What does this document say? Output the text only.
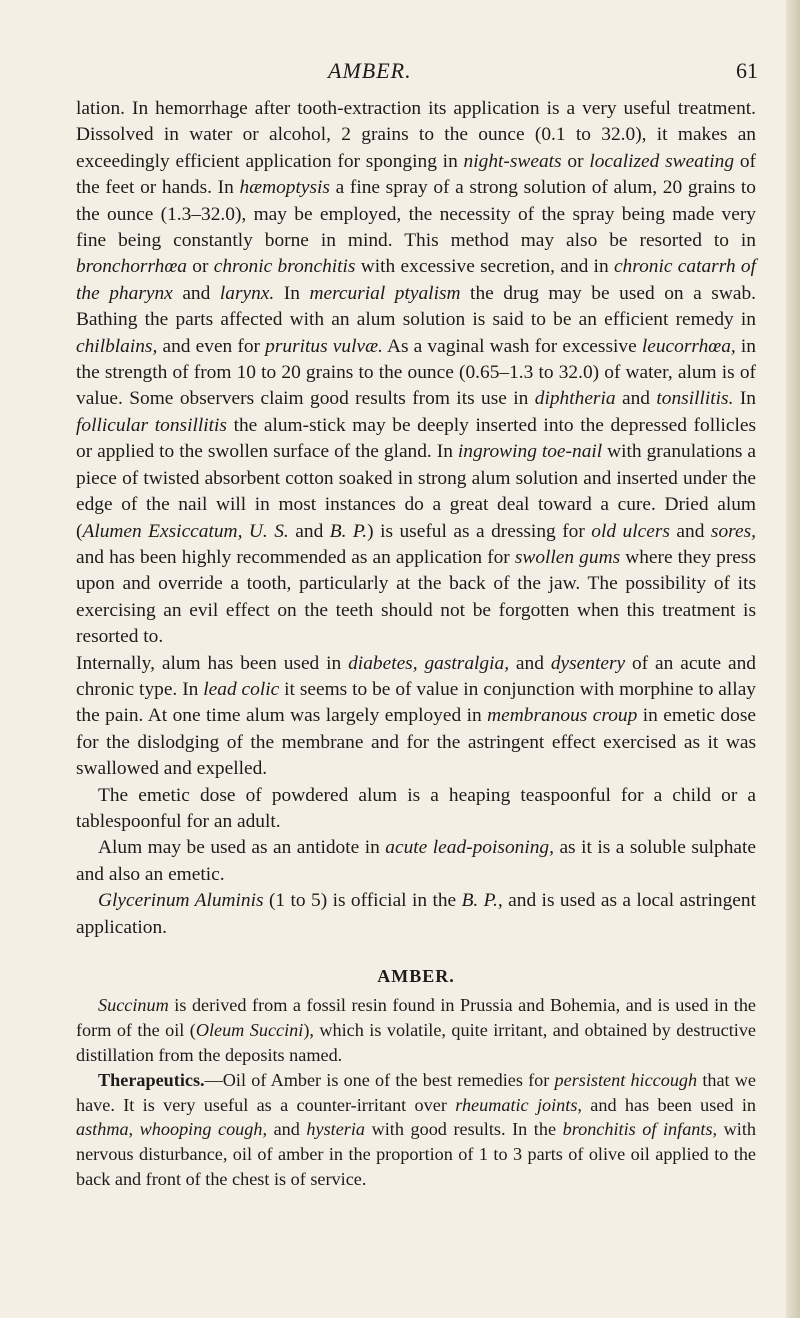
AMBER.	61

lation. In hemorrhage after tooth-extraction its application is a very useful treatment. Dissolved in water or alcohol, 2 grains to the ounce (0.1 to 32.0), it makes an exceedingly efficient application for sponging in night-sweats or localized sweating of the feet or hands. In hæmoptysis a fine spray of a strong solution of alum, 20 grains to the ounce (1.3–32.0), may be employed, the necessity of the spray being made very fine being constantly borne in mind. This method may also be resorted to in bronchorrhœa or chronic bronchitis with excessive secretion, and in chronic catarrh of the pharynx and larynx. In mercurial ptyalism the drug may be used on a swab. Bathing the parts affected with an alum solution is said to be an efficient remedy in chilblains, and even for pruritus vulvæ. As a vaginal wash for excessive leucorrhœa, in the strength of from 10 to 20 grains to the ounce (0.65–1.3 to 32.0) of water, alum is of value. Some observers claim good results from its use in diphtheria and tonsillitis. In follicular tonsillitis the alum-stick may be deeply inserted into the depressed follicles or applied to the swollen surface of the gland. In ingrowing toe-nail with granulations a piece of twisted absorbent cotton soaked in strong alum solution and inserted under the edge of the nail will in most instances do a great deal toward a cure. Dried alum (Alumen Exsiccatum, U. S. and B. P.) is useful as a dressing for old ulcers and sores, and has been highly recommended as an application for swollen gums where they press upon and override a tooth, particularly at the back of the jaw. The possibility of its exercising an evil effect on the teeth should not be forgotten when this treatment is resorted to.

Internally, alum has been used in diabetes, gastralgia, and dysentery of an acute and chronic type. In lead colic it seems to be of value in conjunction with morphine to allay the pain. At one time alum was largely employed in membranous croup in emetic dose for the dislodging of the membrane and for the astringent effect exercised as it was swallowed and expelled.

The emetic dose of powdered alum is a heaping teaspoonful for a child or a tablespoonful for an adult.

Alum may be used as an antidote in acute lead-poisoning, as it is a soluble sulphate and also an emetic.

Glycerinum Aluminis (1 to 5) is official in the B. P., and is used as a local astringent application.

AMBER.

Succinum is derived from a fossil resin found in Prussia and Bohemia, and is used in the form of the oil (Oleum Succini), which is volatile, quite irritant, and obtained by destructive distillation from the deposits named.

Therapeutics.—Oil of Amber is one of the best remedies for persistent hiccough that we have. It is very useful as a counter-irritant over rheumatic joints, and has been used in asthma, whooping cough, and hysteria with good results. In the bronchitis of infants, with nervous disturbance, oil of amber in the proportion of 1 to 3 parts of olive oil applied to the back and front of the chest is of service.
